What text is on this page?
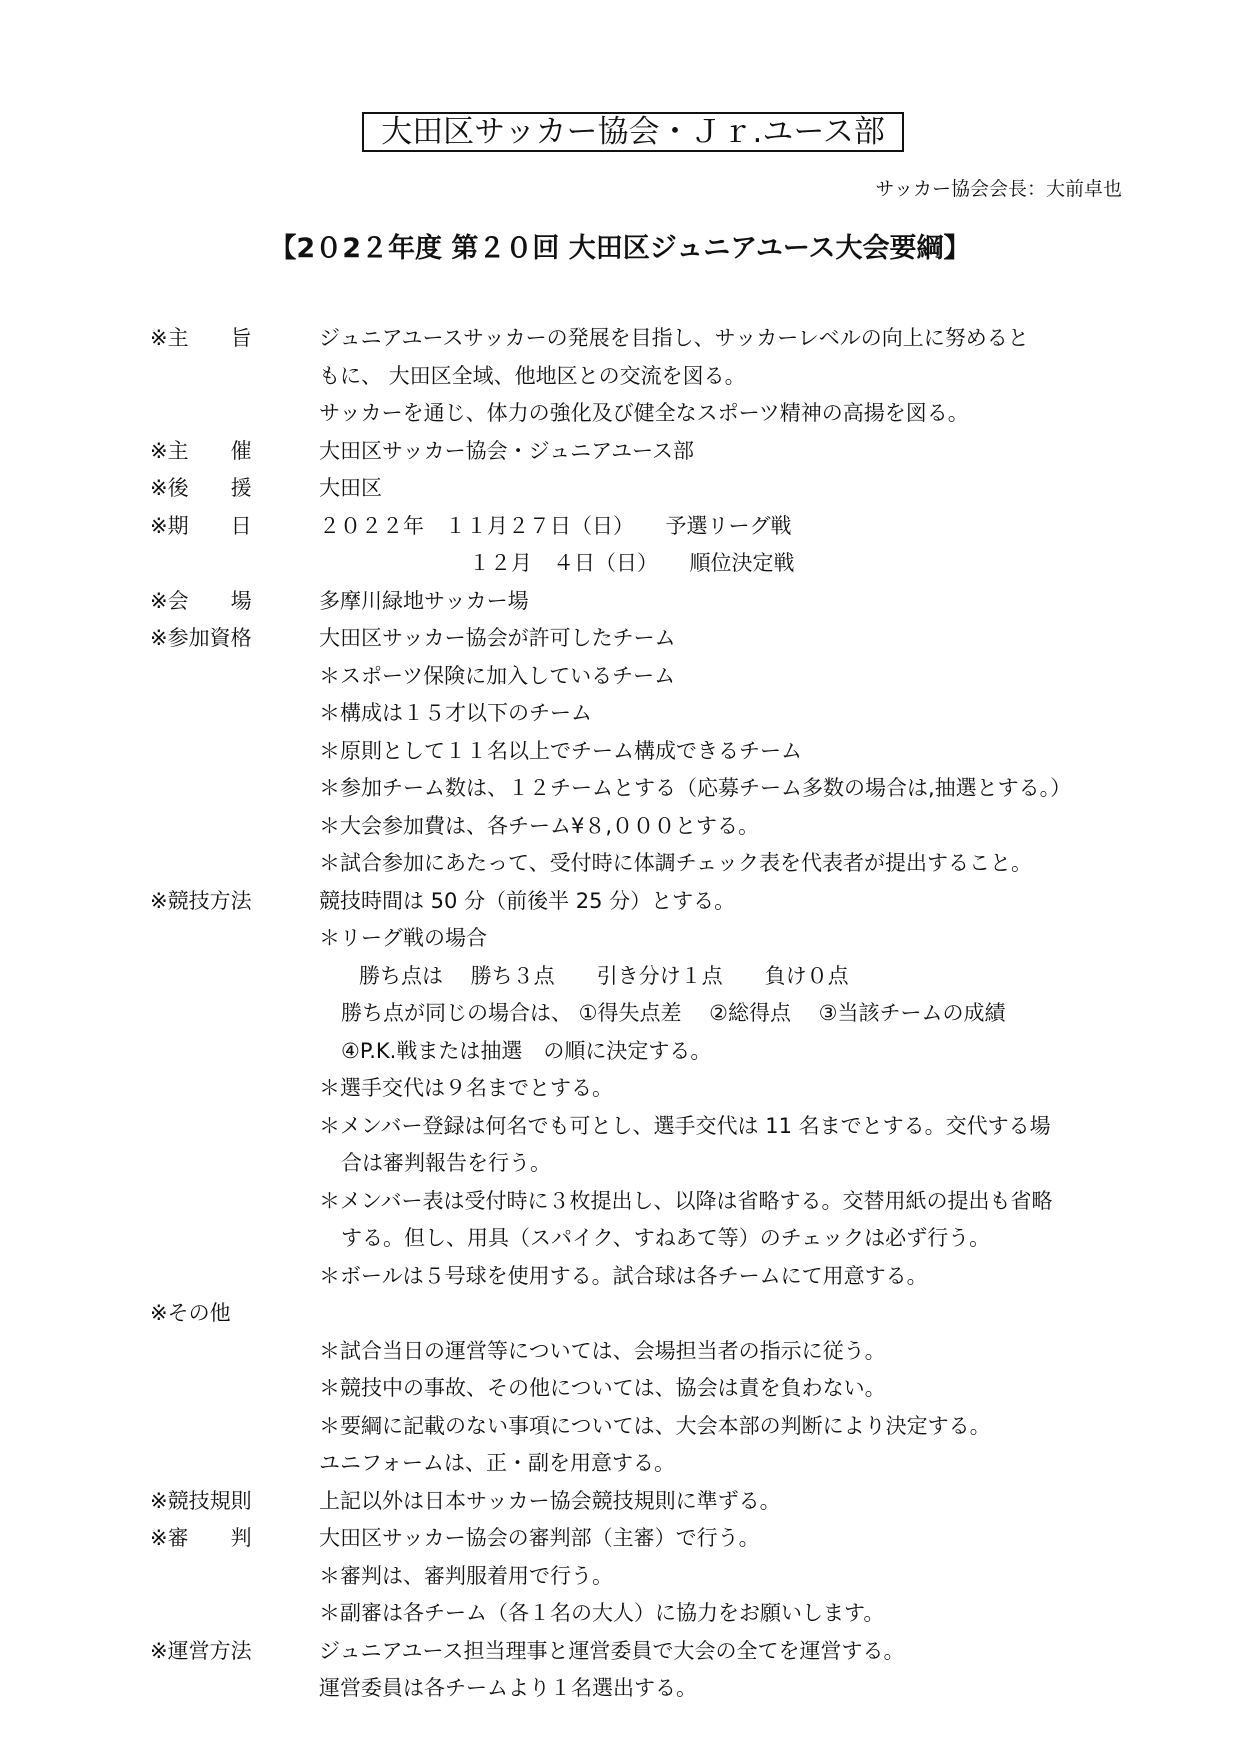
大田区サッカー協会・Ｊｒ.ユース部
サッカー協会会長：大前卓也
【2０2２年度 第２０回 大田区ジュニアユース大会要綱】
※主　　旨	ジュニアユースサッカーの発展を目指し、サッカーレベルの向上に努めると
もに、 大田区全域、他地区との交流を図る。
サッカーを通じ、体力の強化及び健全なスポーツ精神の高揚を図る。
※主　　催	大田区サッカー協会・ジュニアユース部
※後　　援	大田区
※期　　日	２０２２年　１１月２７日（日）　　予選リーグ戦
１２月　４日（日）　　順位決定戦
※会　　場	多摩川緑地サッカー場
※参加資格	大田区サッカー協会が許可したチーム
＊スポーツ保険に加入しているチーム
＊構成は１５才以下のチーム
＊原則として１１名以上でチーム構成できるチーム
＊参加チーム数は、１２チームとする（応募チーム多数の場合は,抽選とする。）
＊大会参加費は、各チーム¥８,０００とする。
＊試合参加にあたって、受付時に体調チェック表を代表者が提出すること。
※競技方法	競技時間は 50 分（前後半 25 分）とする。
＊リーグ戦の場合
勝ち点は　 勝ち３点　　引き分け１点　　負け０点
勝ち点が同じの場合は、 ①得失点差　 ②総得点　 ③当該チームの成績
④P.K.戦または抽選　の順に決定する。
＊選手交代は９名までとする。
＊メンバー登録は何名でも可とし、選手交代は 11 名までとする。交代する場
合は審判報告を行う。
＊メンバー表は受付時に３枚提出し、以降は省略する。交替用紙の提出も省略
する。但し、用具（スパイク、すねあて等）のチェックは必ず行う。
＊ボールは５号球を使用する。試合球は各チームにて用意する。
※その他
＊試合当日の運営等については、会場担当者の指示に従う。
＊競技中の事故、その他については、協会は責を負わない。
＊要綱に記載のない事項については、大会本部の判断により決定する。
ユニフォームは、正・副を用意する。
※競技規則	上記以外は日本サッカー協会競技規則に準ずる。
※審　　判	大田区サッカー協会の審判部（主審）で行う。
＊審判は、審判服着用で行う。
＊副審は各チーム（各１名の大人）に協力をお願いします。
※運営方法	ジュニアユース担当理事と運営委員で大会の全てを運営する。
運営委員は各チームより１名選出する。
